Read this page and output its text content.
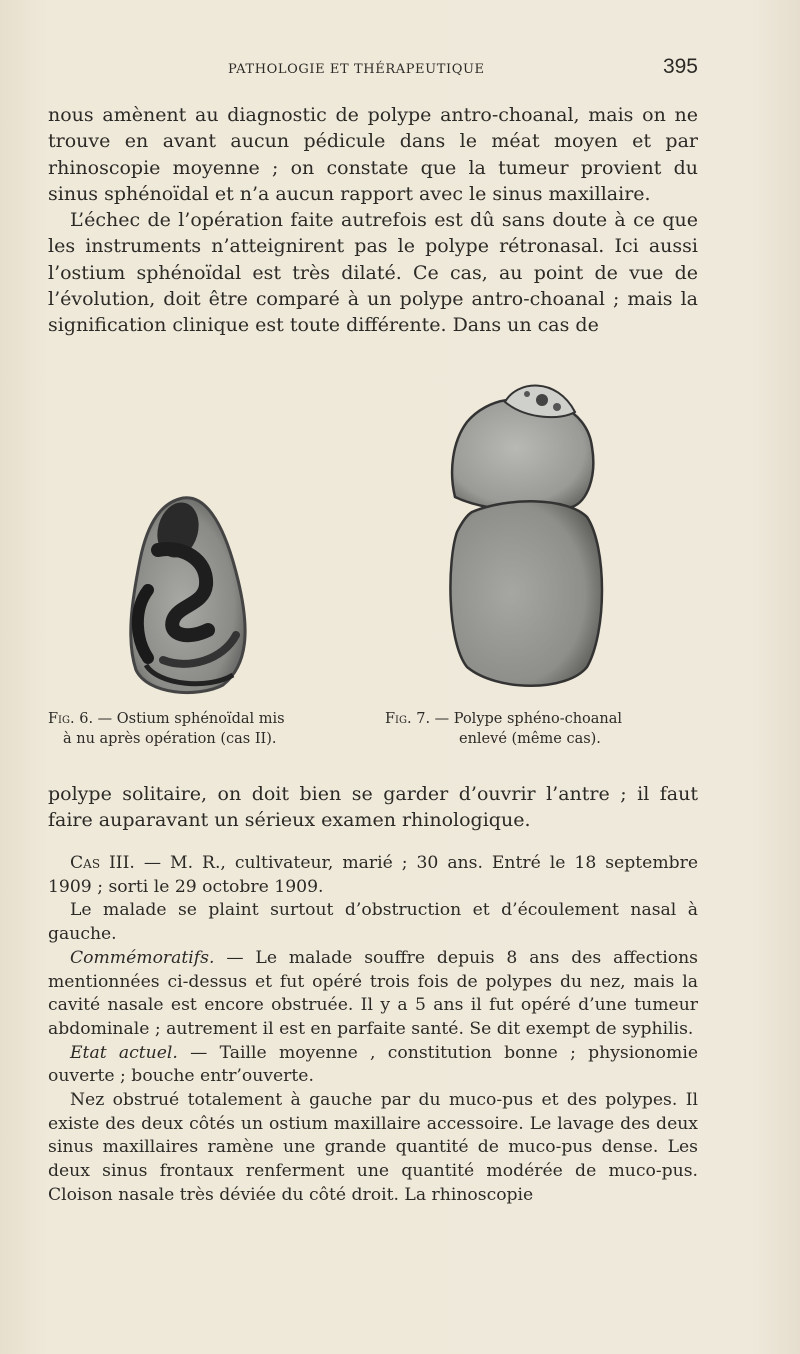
PATHOLOGIE ET THÉRAPEUTIQUE	395

nous amènent au diagnostic de polype antro-choanal, mais on ne trouve en avant aucun pédicule dans le méat moyen et par rhinoscopie moyenne ; on constate que la tumeur provient du sinus sphénoïdal et n’a aucun rapport avec le sinus maxillaire.

L’échec de l’opération faite autrefois est dû sans doute à ce que les instruments n’atteignirent pas le polype rétronasal. Ici aussi l’ostium sphénoïdal est très dilaté. Ce cas, au point de vue de l’évolution, doit être comparé à un polype antro-choanal ; mais la signification clinique est toute différente. Dans un cas de

Fig. 6. — Ostium sphénoïdal mis
à nu après opération (cas II).
Fig. 7. — Polype sphéno-choanal
enlevé (même cas).

polype solitaire, on doit bien se garder d’ouvrir l’antre ; il faut faire auparavant un sérieux examen rhinologique.

Cas III. — M. R., cultivateur, marié ; 30 ans. Entré le 18 septembre 1909 ; sorti le 29 octobre 1909.

Le malade se plaint surtout d’obstruction et d’écoulement nasal à gauche.

Commémoratifs. — Le malade souffre depuis 8 ans des affections mentionnées ci-dessus et fut opéré trois fois de polypes du nez, mais la cavité nasale est encore obstruée. Il y a 5 ans il fut opéré d’une tumeur abdominale ; autrement il est en parfaite santé. Se dit exempt de syphilis.

Etat actuel. — Taille moyenne , constitution bonne ; physionomie ouverte ; bouche entr’ouverte.

Nez obstrué totalement à gauche par du muco-pus et des polypes. Il existe des deux côtés un ostium maxillaire accessoire. Le lavage des deux sinus maxillaires ramène une grande quantité de muco-pus dense. Les deux sinus frontaux renferment une quantité modérée de muco-pus. Cloison nasale très déviée du côté droit. La rhinoscopie
